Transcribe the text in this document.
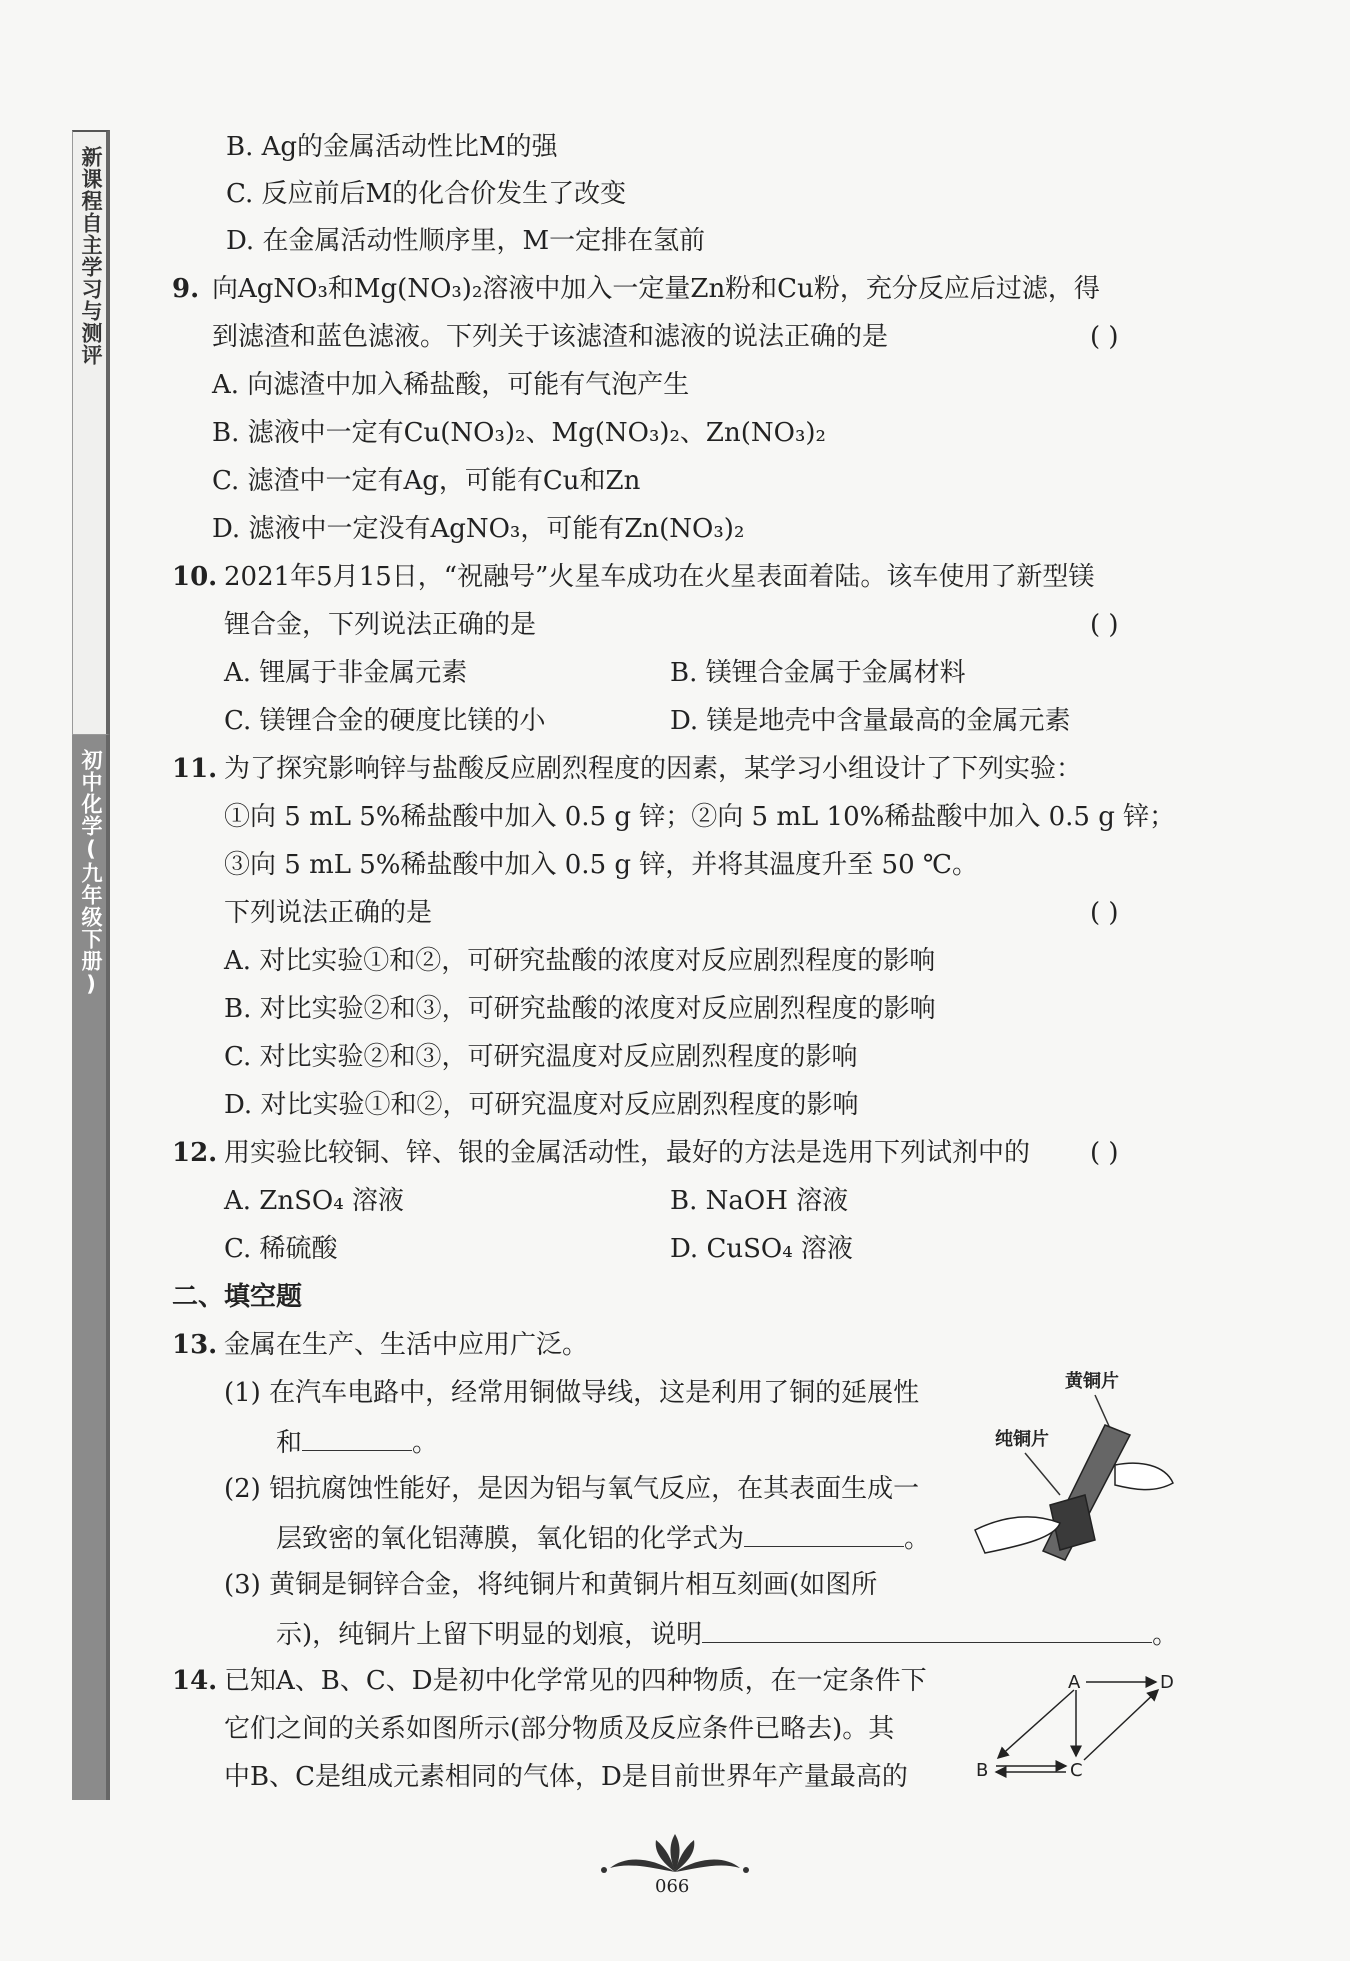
新课程自主学习与测评
初中化学(九年级下册)
B. Ag的金属活动性比M的强
C. 反应前后M的化合价发生了改变
D. 在金属活动性顺序里，M一定排在氢前
9. 向AgNO₃和Mg(NO₃)₂溶液中加入一定量Zn粉和Cu粉，充分反应后过滤，得
到滤渣和蓝色滤液。下列关于该滤渣和滤液的说法正确的是	( )
A. 向滤渣中加入稀盐酸，可能有气泡产生
B. 滤液中一定有Cu(NO₃)₂、Mg(NO₃)₂、Zn(NO₃)₂
C. 滤渣中一定有Ag，可能有Cu和Zn
D. 滤液中一定没有AgNO₃，可能有Zn(NO₃)₂
10. 2021年5月15日，“祝融号”火星车成功在火星表面着陆。该车使用了新型镁
锂合金，下列说法正确的是	( )
A. 锂属于非金属元素	B. 镁锂合金属于金属材料
C. 镁锂合金的硬度比镁的小	D. 镁是地壳中含量最高的金属元素
11. 为了探究影响锌与盐酸反应剧烈程度的因素，某学习小组设计了下列实验：
①向 5 mL 5%稀盐酸中加入 0.5 g 锌；②向 5 mL 10%稀盐酸中加入 0.5 g 锌；
③向 5 mL 5%稀盐酸中加入 0.5 g 锌，并将其温度升至 50 ℃。
下列说法正确的是	( )
A. 对比实验①和②，可研究盐酸的浓度对反应剧烈程度的影响
B. 对比实验②和③，可研究盐酸的浓度对反应剧烈程度的影响
C. 对比实验②和③，可研究温度对反应剧烈程度的影响
D. 对比实验①和②，可研究温度对反应剧烈程度的影响
12. 用实验比较铜、锌、银的金属活动性，最好的方法是选用下列试剂中的 ( )
A. ZnSO₄ 溶液	B. NaOH 溶液
C. 稀硫酸	D. CuSO₄ 溶液
二、填空题
13. 金属在生产、生活中应用广泛。
(1) 在汽车电路中，经常用铜做导线，这是利用了铜的延展性
和	。
(2) 铝抗腐蚀性能好，是因为铝与氧气反应，在其表面生成一
层致密的氧化铝薄膜，氧化铝的化学式为	。
(3) 黄铜是铜锌合金，将纯铜片和黄铜片相互刻画(如图所
示)，纯铜片上留下明显的划痕，说明	。
黄铜片
纯铜片
14. 已知A、B、C、D是初中化学常见的四种物质，在一定条件下
它们之间的关系如图所示(部分物质及反应条件已略去)。其
中B、C是组成元素相同的气体，D是目前世界年产量最高的
A	D
B	C
066
